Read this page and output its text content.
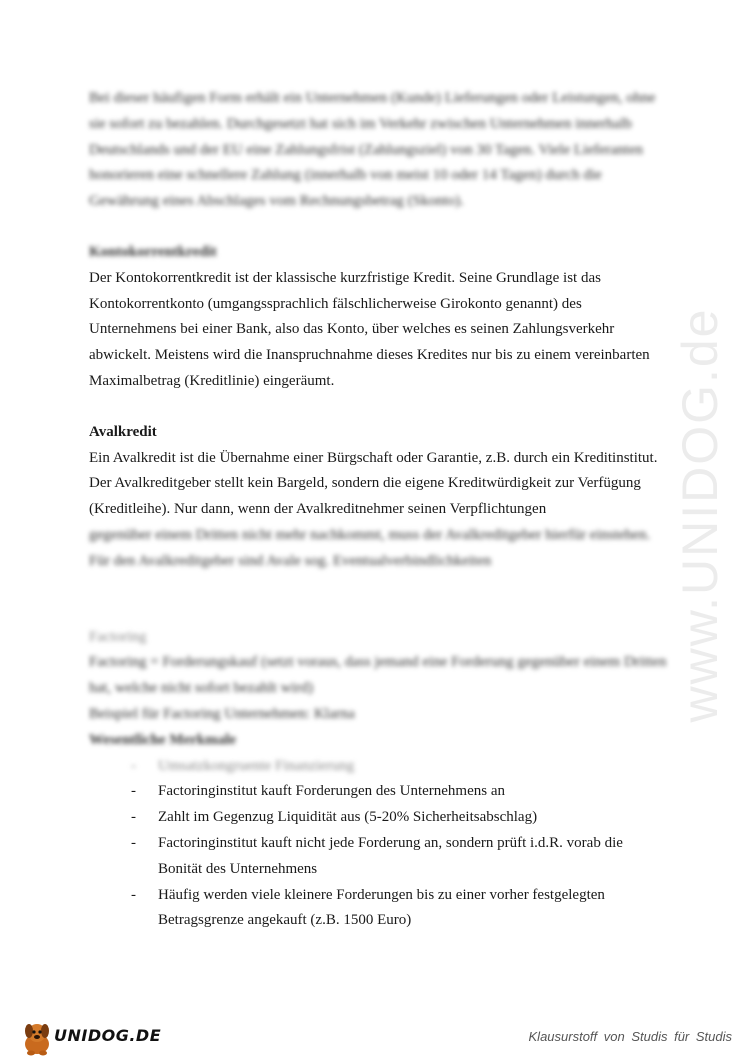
www.UNIDOG.de

Bei dieser häufigen Form erhält ein Unternehmen (Kunde) Lieferungen oder Leistungen, ohne sie sofort zu bezahlen. Durchgesetzt hat sich im Verkehr zwischen Unternehmen innerhalb Deutschlands und der EU eine Zahlungsfrist (Zahlungsziel) von 30 Tagen. Viele Lieferanten honorieren eine schnellere Zahlung (innerhalb von meist 10 oder 14 Tagen) durch die Gewährung eines Abschlages vom Rechnungsbetrag (Skonto).

Kontokorrentkredit

Der Kontokorrentkredit ist der klassische kurzfristige Kredit. Seine Grundlage ist das Kontokorrentkonto (umgangssprachlich fälschlicherweise Girokonto genannt) des Unternehmens bei einer Bank, also das Konto, über welches es seinen Zahlungsverkehr abwickelt. Meistens wird die Inanspruchnahme dieses Kredites nur bis zu einem vereinbarten Maximalbetrag (Kreditlinie) eingeräumt.

Avalkredit

Ein Avalkredit ist die Übernahme einer Bürgschaft oder Garantie, z.B. durch ein Kreditinstitut. Der Avalkreditgeber stellt kein Bargeld, sondern die eigene Kreditwürdigkeit zur Verfügung (Kreditleihe). Nur dann, wenn der Avalkreditnehmer seinen Verpflichtungen

gegenüber einem Dritten nicht mehr nachkommt, muss der Avalkreditgeber hierfür einstehen. Für den Avalkreditgeber sind Avale sog. Eventualverbindlichkeiten

Factoring

Factoring = Forderungskauf (setzt voraus, dass jemand eine Forderung gegenüber einem Dritten hat, welche nicht sofort bezahlt wird)

Beispiel für Factoring Unternehmen: Klarna

Wesentliche Merkmale

- Umsatzkongruente Finanzierung
- Factoringinstitut kauft Forderungen des Unternehmens an
- Zahlt im Gegenzug Liquidität aus (5-20% Sicherheitsabschlag)
- Factoringinstitut kauft nicht jede Forderung an, sondern prüft i.d.R. vorab die Bonität des Unternehmens
- Häufig werden viele kleinere Forderungen bis zu einer vorher festgelegten Betragsgrenze angekauft (z.B. 1500 Euro)
UNIDOG.DE	Klausurstoff von Studis für Studis
